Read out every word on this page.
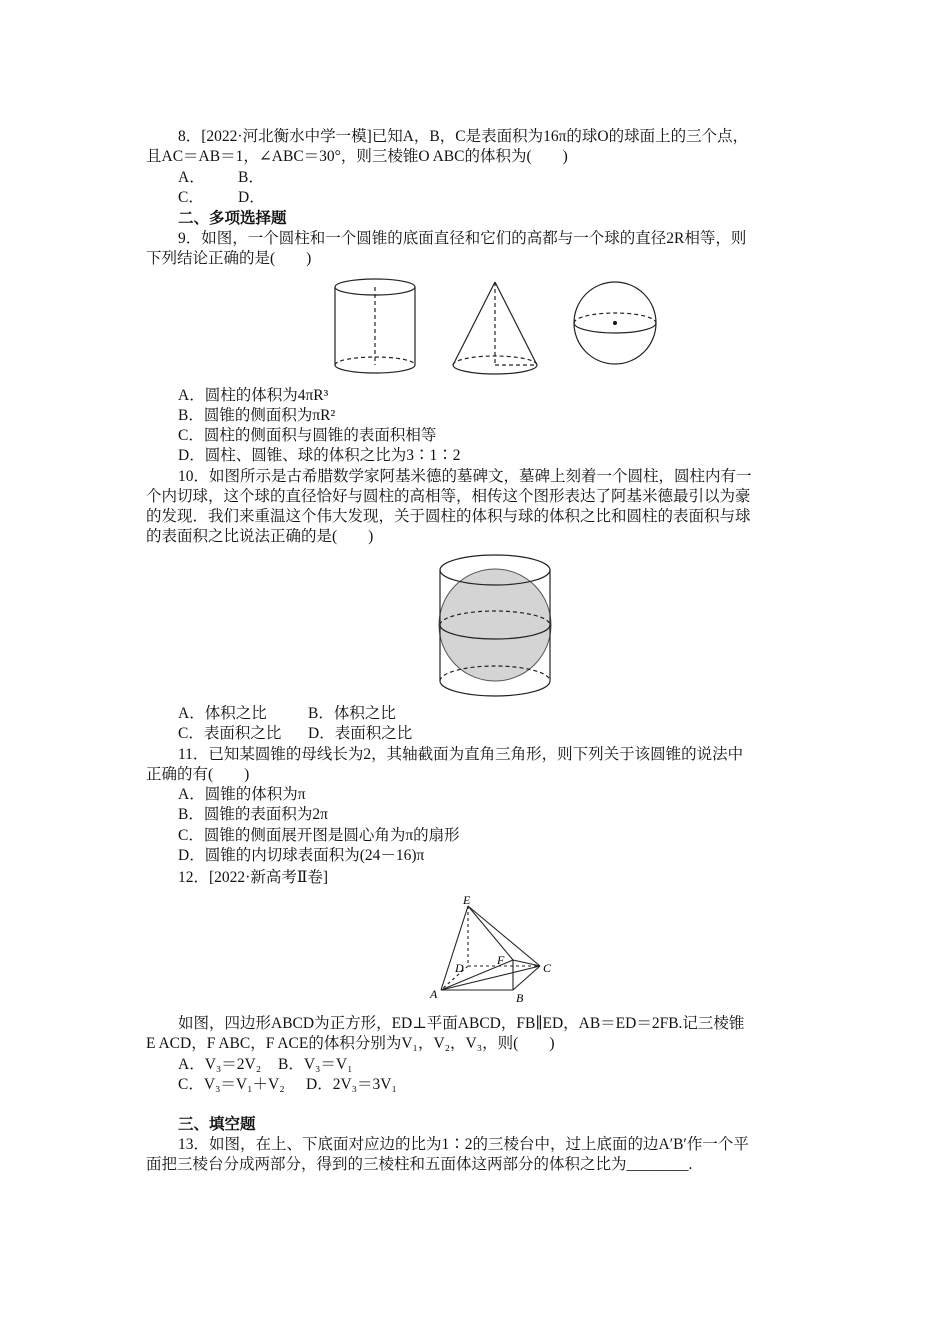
8．[2022·河北衡水中学一模]已知A，B，C是表面积为16π的球O的球面上的三个点，
且AC＝AB＝1，∠ABC＝30°，则三棱锥O ABC的体积为(　　)
A． B．
C． D．
二、多项选择题
9．如图，一个圆柱和一个圆锥的底面直径和它们的高都与一个球的直径2R相等，则
下列结论正确的是(　　)
A．圆柱的体积为4πR³
B．圆锥的侧面积为πR²
C．圆柱的侧面积与圆锥的表面积相等
D．圆柱、圆锥、球的体积之比为3∶1∶2
10．如图所示是古希腊数学家阿基米德的墓碑文，墓碑上刻着一个圆柱，圆柱内有一
个内切球，这个球的直径恰好与圆柱的高相等，相传这个图形表达了阿基米德最引以为豪
的发现．我们来重温这个伟大发现，关于圆柱的体积与球的体积之比和圆柱的表面积与球
的表面积之比说法正确的是(　　)
A．体积之比	B．体积之比
C．表面积之比 D．表面积之比
11．已知某圆锥的母线长为2，其轴截面为直角三角形，则下列关于该圆锥的说法中
正确的有(　　)
A．圆锥的体积为π
B．圆锥的表面积为2π
C．圆锥的侧面展开图是圆心角为π的扇形
D．圆锥的内切球表面积为(24－16)π
12．[2022·新高考Ⅱ卷]
E
D
F
C
A	B
如图，四边形ABCD为正方形，ED⊥平面ABCD，FB∥ED，AB＝ED＝2FB.记三棱锥
E ACD，F ABC，F ACE的体积分别为V₁，V₂，V₃，则(　　)
A．V₃＝2V₂ B．V₃＝V₁
C．V₃＝V₁＋V₂ D．2V₃＝3V₁
三、填空题
13．如图，在上、下底面对应边的比为1∶2的三棱台中，过上底面的边A′B′作一个平
面把三棱台分成两部分，得到的三棱柱和五面体这两部分的体积之比为________.
